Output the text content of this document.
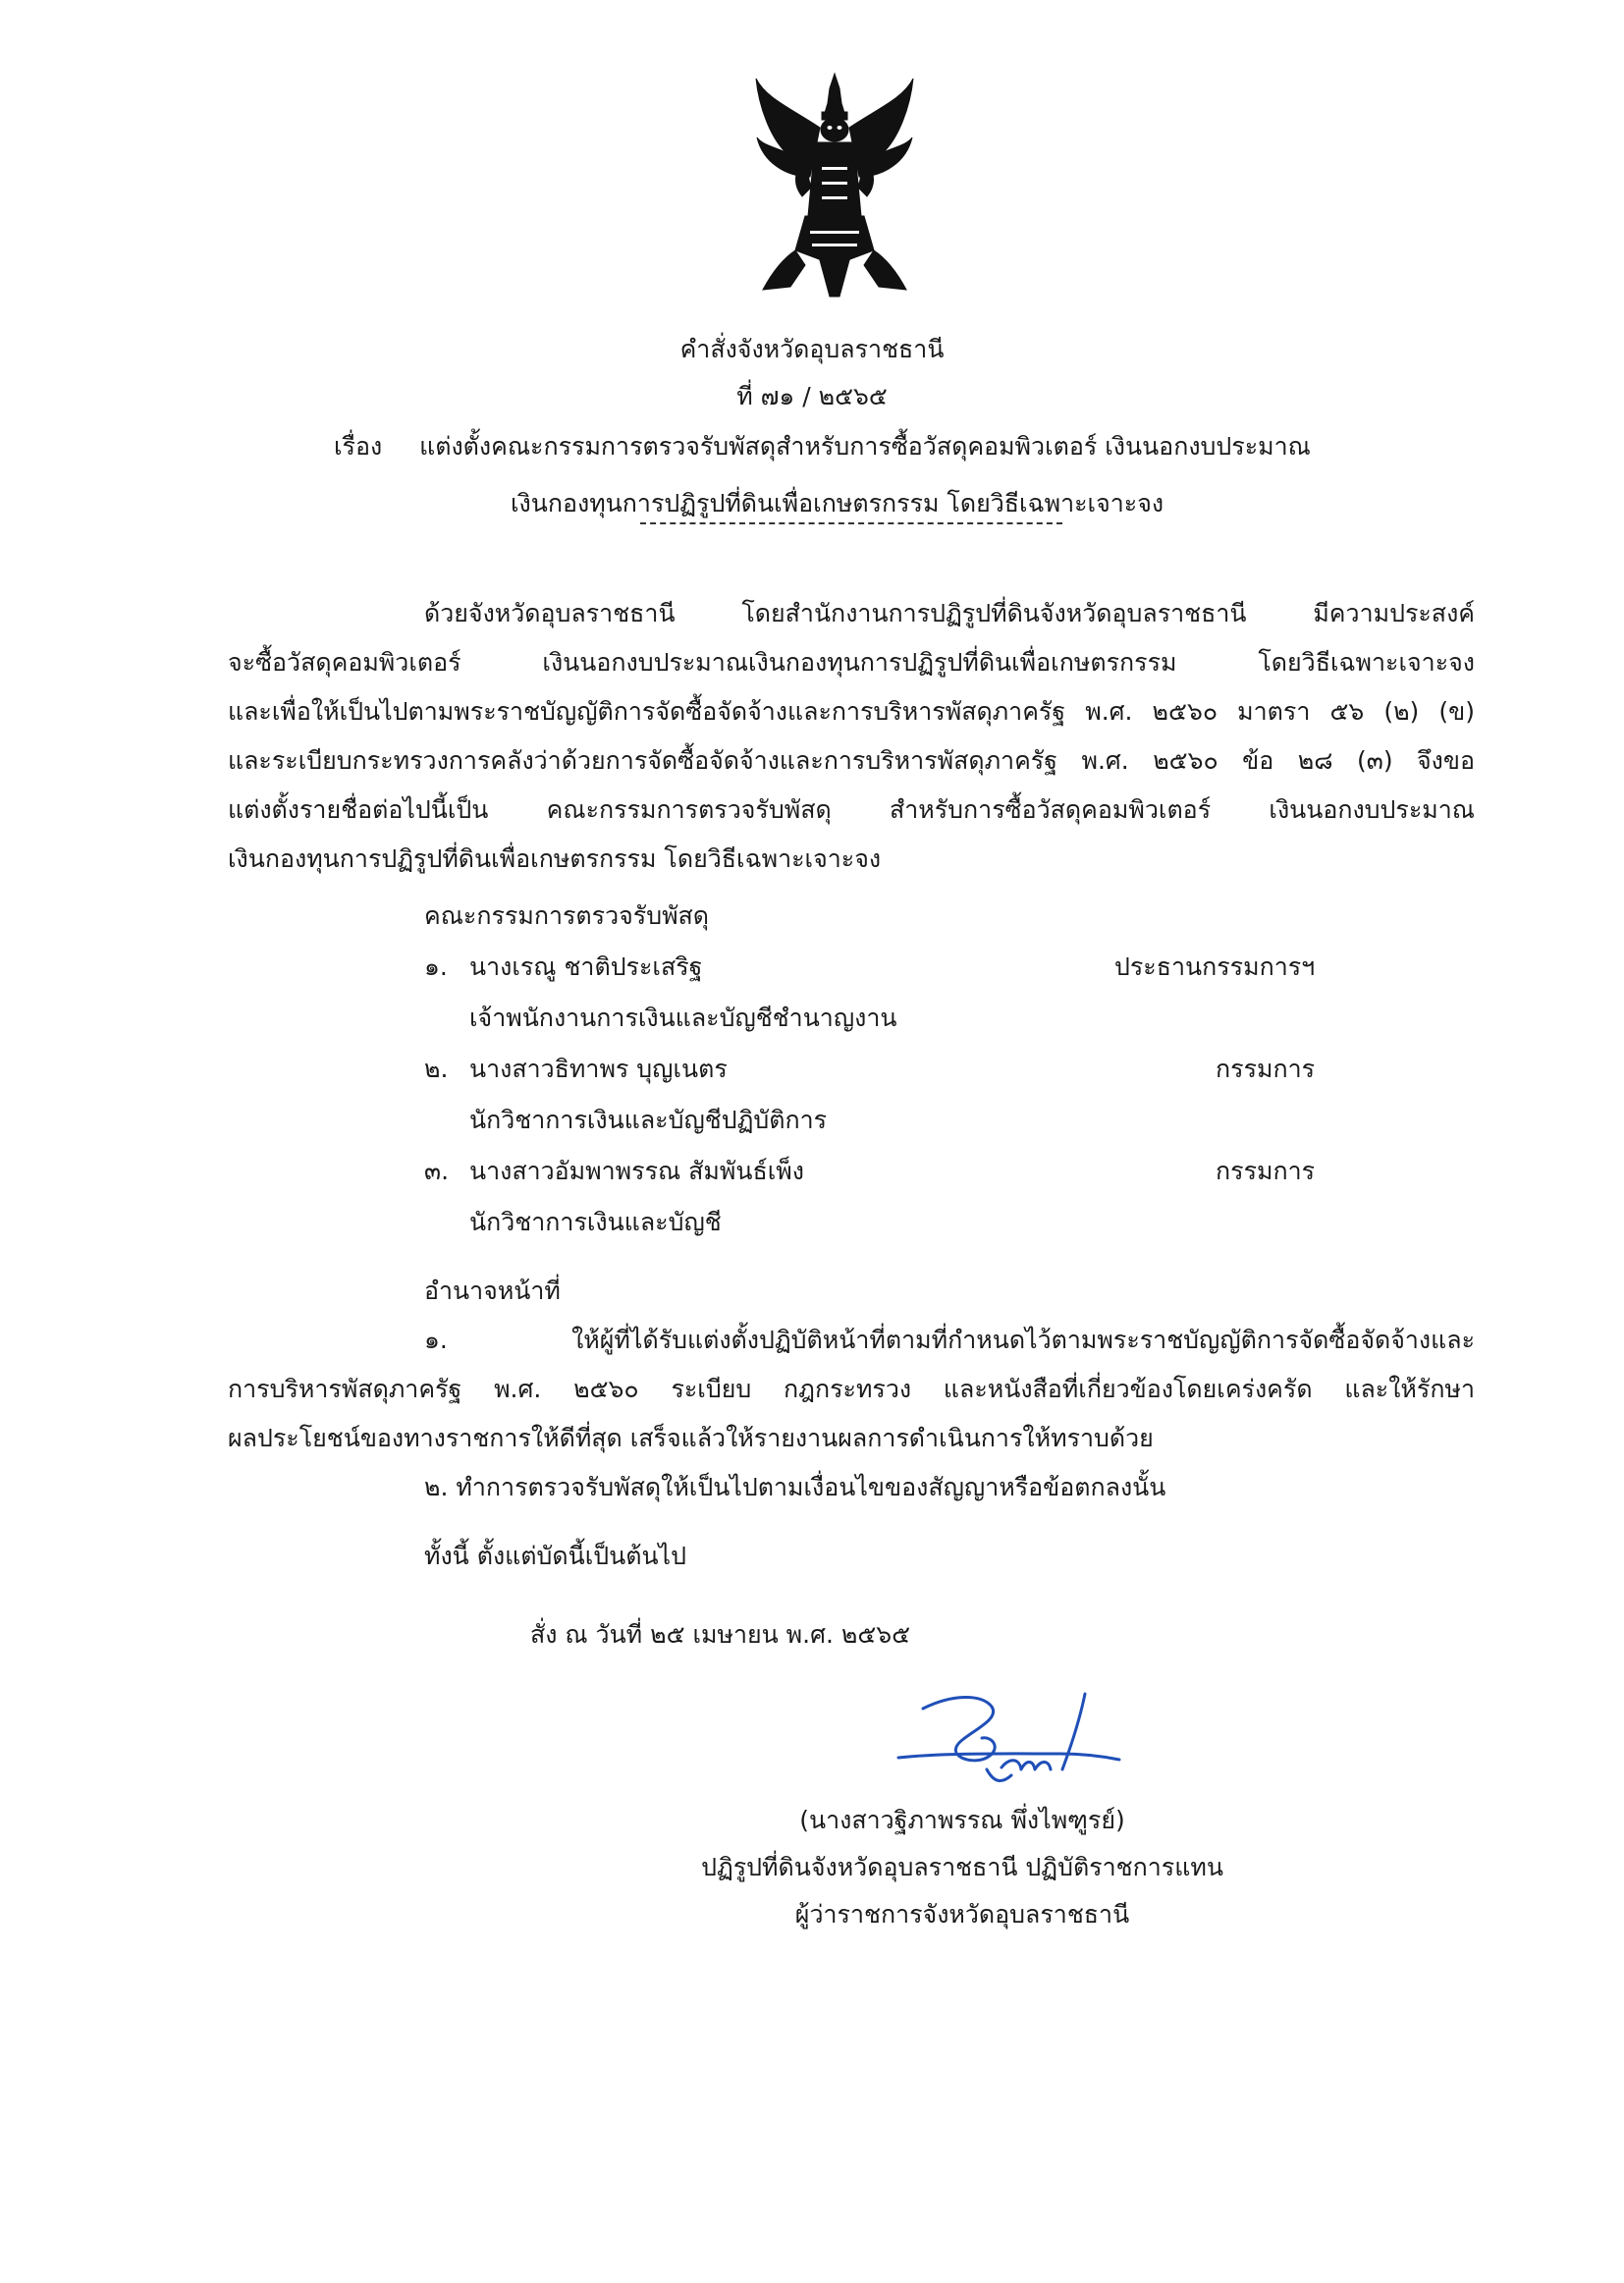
คำสั่งจังหวัดอุบลราชธานี
ที่ ๗๑ / ๒๕๖๕
เรื่อง แต่งตั้งคณะกรรมการตรวจรับพัสดุสำหรับการซื้อวัสดุคอมพิวเตอร์ เงินนอกงบประมาณ
เงินกองทุนการปฏิรูปที่ดินเพื่อเกษตรกรรม โดยวิธีเฉพาะเจาะจง
ด้วยจังหวัดอุบลราชธานี โดยสำนักงานการปฏิรูปที่ดินจังหวัดอุบลราชธานี มีความประสงค์
จะซื้อวัสดุคอมพิวเตอร์ เงินนอกงบประมาณเงินกองทุนการปฏิรูปที่ดินเพื่อเกษตรกรรม โดยวิธีเฉพาะเจาะจง
และเพื่อให้เป็นไปตามพระราชบัญญัติการจัดซื้อจัดจ้างและการบริหารพัสดุภาครัฐ พ.ศ. ๒๕๖๐ มาตรา ๕๖ (๒) (ข)
และระเบียบกระทรวงการคลังว่าด้วยการจัดซื้อจัดจ้างและการบริหารพัสดุภาครัฐ พ.ศ. ๒๕๖๐ ข้อ ๒๘ (๓) จึงขอ
แต่งตั้งรายชื่อต่อไปนี้เป็น คณะกรรมการตรวจรับพัสดุ สำหรับการซื้อวัสดุคอมพิวเตอร์ เงินนอกงบประมาณ
เงินกองทุนการปฏิรูปที่ดินเพื่อเกษตรกรรม โดยวิธีเฉพาะเจาะจง
คณะกรรมการตรวจรับพัสดุ
๑. นางเรณู ชาติประเสริฐ	ประธานกรรมการฯ
เจ้าพนักงานการเงินและบัญชีชำนาญงาน
๒. นางสาวธิทาพร บุญเนตร	กรรมการ
นักวิชาการเงินและบัญชีปฏิบัติการ
๓. นางสาวอัมพาพรรณ สัมพันธ์เพ็ง	กรรมการ
นักวิชาการเงินและบัญชี
อำนาจหน้าที่
๑. ให้ผู้ที่ได้รับแต่งตั้งปฏิบัติหน้าที่ตามที่กำหนดไว้ตามพระราชบัญญัติการจัดซื้อจัดจ้างและ
การบริหารพัสดุภาครัฐ พ.ศ. ๒๕๖๐ ระเบียบ กฎกระทรวง และหนังสือที่เกี่ยวข้องโดยเคร่งครัด และให้รักษา
ผลประโยชน์ของทางราชการให้ดีที่สุด เสร็จแล้วให้รายงานผลการดำเนินการให้ทราบด้วย
๒. ทำการตรวจรับพัสดุให้เป็นไปตามเงื่อนไขของสัญญาหรือข้อตกลงนั้น
ทั้งนี้ ตั้งแต่บัดนี้เป็นต้นไป
สั่ง ณ วันที่ ๒๕ เมษายน พ.ศ. ๒๕๖๕
(นางสาวฐิภาพรรณ พึ่งไพฑูรย์)
ปฏิรูปที่ดินจังหวัดอุบลราชธานี ปฏิบัติราชการแทน
ผู้ว่าราชการจังหวัดอุบลราชธานี
